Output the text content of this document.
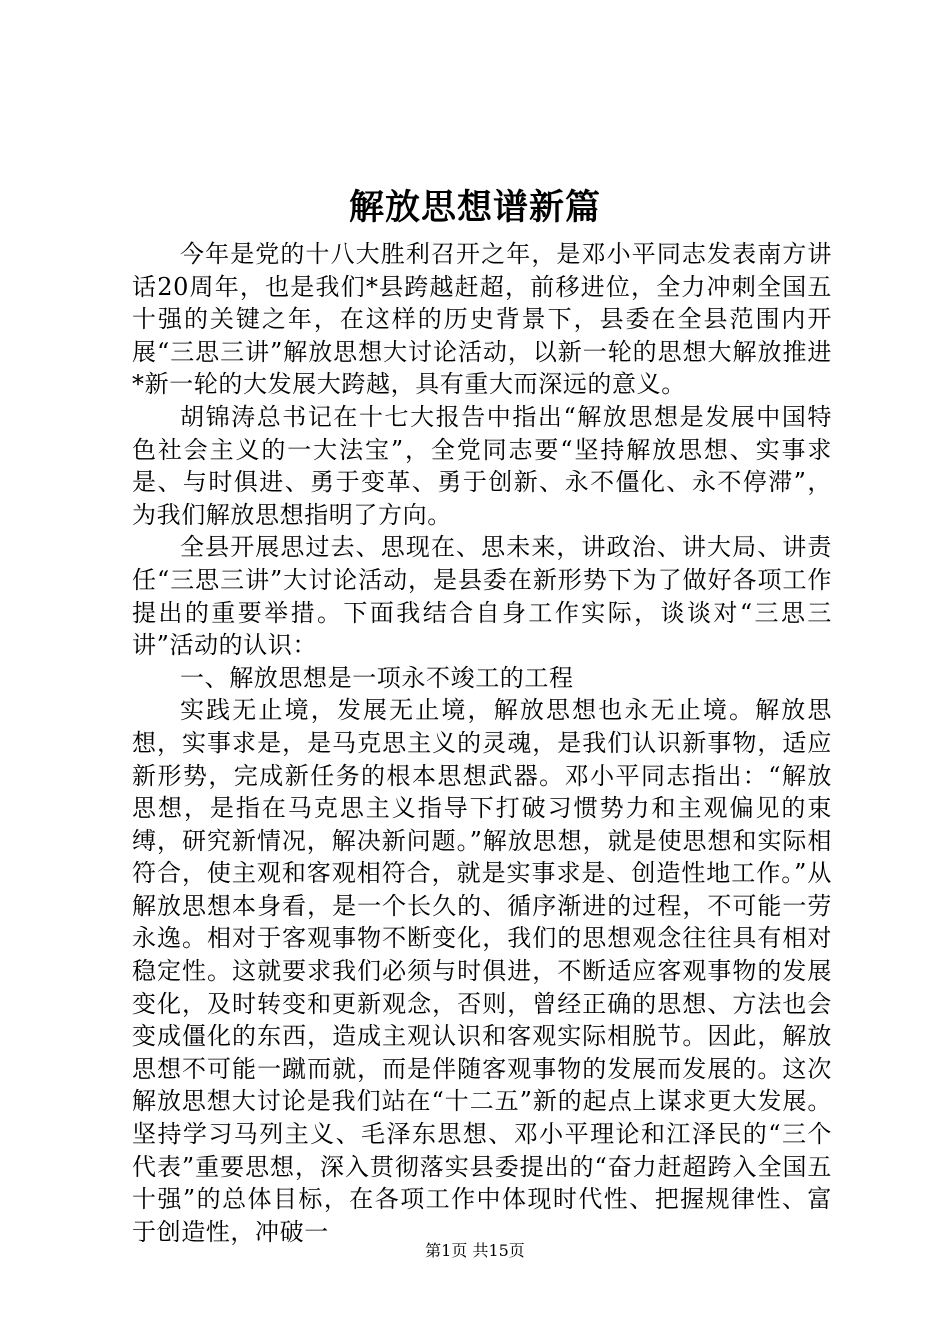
解放思想谱新篇

今年是党的十八大胜利召开之年，是邓小平同志发表南方讲话20周年，也是我们*县跨越赶超，前移进位，全力冲刺全国五十强的关键之年，在这样的历史背景下，县委在全县范围内开展“三思三讲”解放思想大讨论活动，以新一轮的思想大解放推进*新一轮的大发展大跨越，具有重大而深远的意义。

胡锦涛总书记在十七大报告中指出“解放思想是发展中国特色社会主义的一大法宝”，全党同志要“坚持解放思想、实事求是、与时俱进、勇于变革、勇于创新、永不僵化、永不停滞”，为我们解放思想指明了方向。

全县开展思过去、思现在、思未来，讲政治、讲大局、讲责任“三思三讲”大讨论活动，是县委在新形势下为了做好各项工作提出的重要举措。下面我结合自身工作实际，谈谈对“三思三讲”活动的认识：

一、解放思想是一项永不竣工的工程

实践无止境，发展无止境，解放思想也永无止境。解放思想，实事求是，是马克思主义的灵魂，是我们认识新事物，适应新形势，完成新任务的根本思想武器。邓小平同志指出：“解放思想，是指在马克思主义指导下打破习惯势力和主观偏见的束缚，研究新情况，解决新问题。”解放思想，就是使思想和实际相符合，使主观和客观相符合，就是实事求是、创造性地工作。”从解放思想本身看，是一个长久的、循序渐进的过程，不可能一劳永逸。相对于客观事物不断变化，我们的思想观念往往具有相对稳定性。这就要求我们必须与时俱进，不断适应客观事物的发展变化，及时转变和更新观念，否则，曾经正确的思想、方法也会变成僵化的东西，造成主观认识和客观实际相脱节。因此，解放思想不可能一蹴而就，而是伴随客观事物的发展而发展的。这次解放思想大讨论是我们站在“十二五”新的起点上谋求更大发展。坚持学习马列主义、毛泽东思想、邓小平理论和江泽民的“三个代表”重要思想，深入贯彻落实县委提出的“奋力赶超跨入全国五十强”的总体目标，在各项工作中体现时代性、把握规律性、富于创造性，冲破一

第1页 共15页
